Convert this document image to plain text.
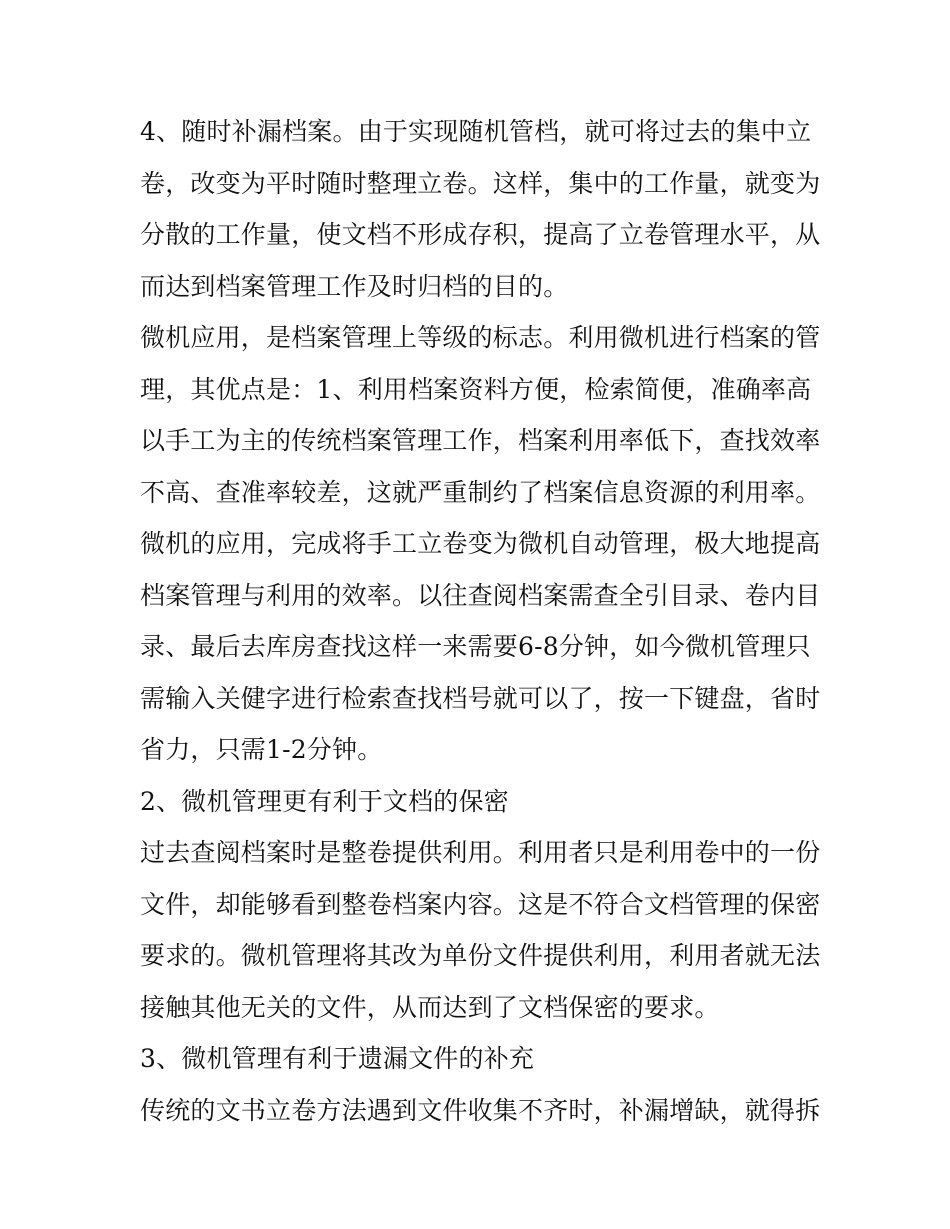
4、随时补漏档案。由于实现随机管档，就可将过去的集中立
卷，改变为平时随时整理立卷。这样，集中的工作量，就变为
分散的工作量，使文档不形成存积，提高了立卷管理水平，从
而达到档案管理工作及时归档的目的。
微机应用，是档案管理上等级的标志。利用微机进行档案的管
理，其优点是：1、利用档案资料方便，检索简便，准确率高
以手工为主的传统档案管理工作，档案利用率低下，查找效率
不高、查准率较差，这就严重制约了档案信息资源的利用率。
微机的应用，完成将手工立卷变为微机自动管理，极大地提高
档案管理与利用的效率。以往查阅档案需查全引目录、卷内目
录、最后去库房查找这样一来需要6-8分钟，如今微机管理只
需输入关健字进行检索查找档号就可以了，按一下键盘，省时
省力，只需1-2分钟。
2、微机管理更有利于文档的保密
过去查阅档案时是整卷提供利用。利用者只是利用卷中的一份
文件，却能够看到整卷档案内容。这是不符合文档管理的保密
要求的。微机管理将其改为单份文件提供利用，利用者就无法
接触其他无关的文件，从而达到了文档保密的要求。
3、微机管理有利于遗漏文件的补充
传统的文书立卷方法遇到文件收集不齐时，补漏增缺，就得拆
